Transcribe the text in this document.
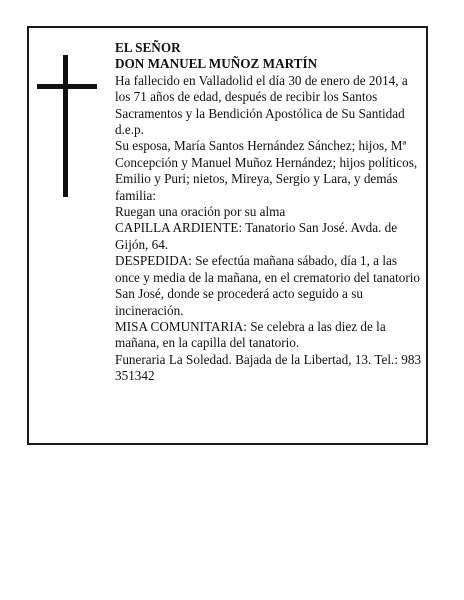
EL SEÑOR

DON MANUEL MUÑOZ MARTÍN

Ha fallecido en Valladolid el día 30 de enero de 2014, a los 71 años de edad, después de recibir los Santos Sacramentos y la Bendición Apostólica de Su Santidad d.e.p.

Su esposa, María Santos Hernández Sánchez; hijos, Mª Concepción y Manuel Muñoz Hernández; hijos políticos, Emilio y Puri; nietos, Mireya, Sergio y Lara, y demás familia:

Ruegan una oración por su alma

CAPILLA ARDIENTE: Tanatorio San José. Avda. de Gijón, 64.

DESPEDIDA: Se efectúa mañana sábado, día 1, a las once y media de la mañana, en el crematorio del tanatorio San José, donde se procederá acto seguido a su incineración.

MISA COMUNITARIA: Se celebra a las diez de la mañana, en la capilla del tanatorio.

Funeraria La Soledad. Bajada de la Libertad, 13. Tel.: 983 351342
